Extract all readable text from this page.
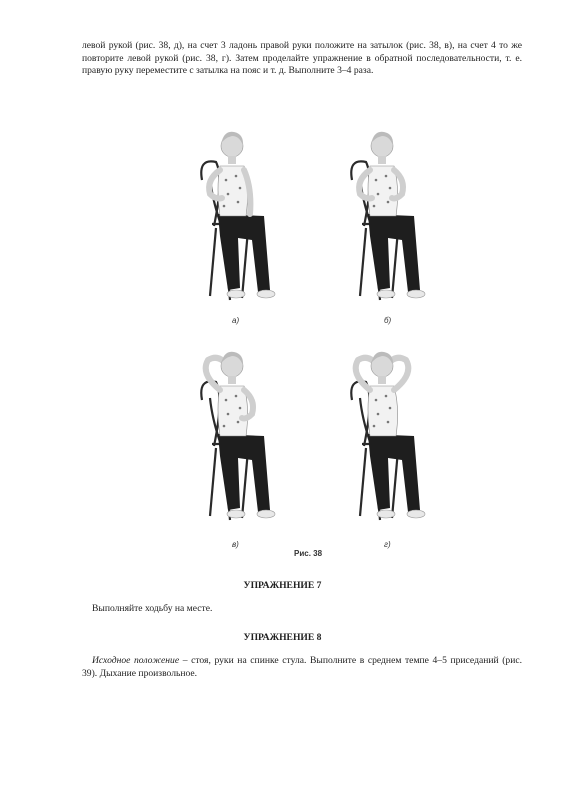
левой рукой (рис. 38, д), на счет 3 ладонь правой руки положите на затылок (рис. 38, в), на счет 4 то же повторите левой рукой (рис. 38, г). Затем проделайте упражнение в обратной последовательности, т. е. правую руку переместите с затылка на пояс и т. д. Выполните 3–4 раза.
а)	б)
в)	г)
Рис. 38
УПРАЖНЕНИЕ 7
Выполняйте ходьбу на месте.
УПРАЖНЕНИЕ 8
Исходное положение – стоя, руки на спинке стула. Выполните в среднем темпе 4–5 приседаний (рис. 39). Дыхание произвольное.
